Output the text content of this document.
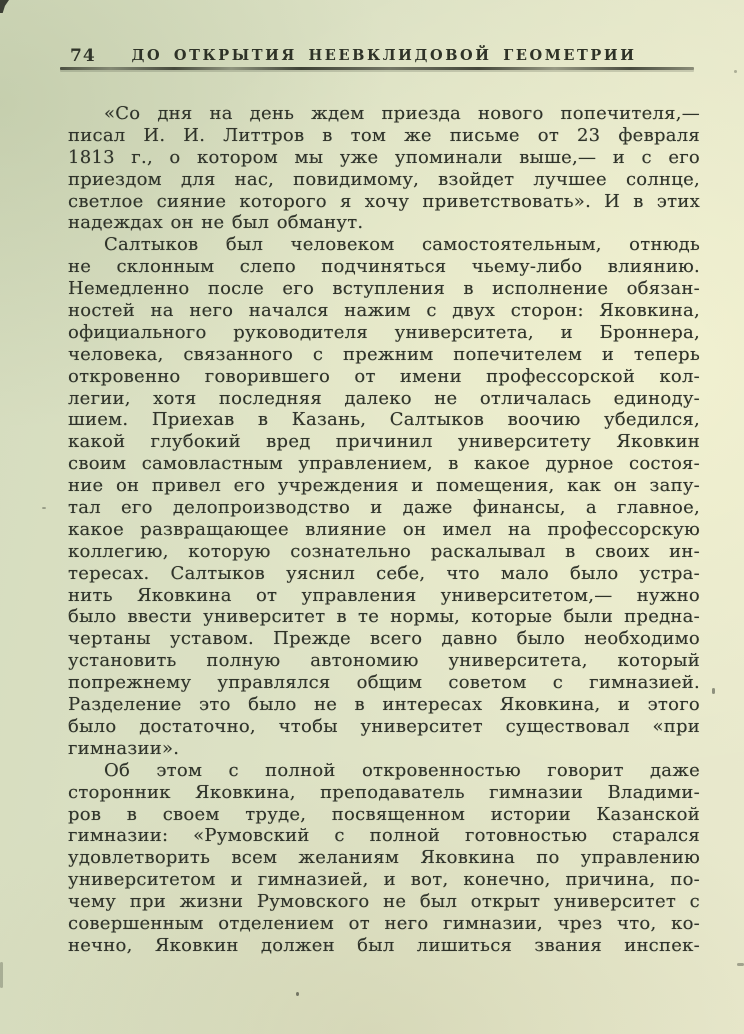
74	ДО ОТКРЫТИЯ НЕЕВКЛИДОВОЙ ГЕОМЕТРИИ
«Со дня на день ждем приезда нового попечителя,—
писал И. И. Литтров в том же письме от 23 февраля
1813 г., о котором мы уже упоминали выше,— и с его
приездом для нас, повидимому, взойдет лучшее солнце,
светлое сияние которого я хочу приветствовать». И в этих
надеждах он не был обманут.
Салтыков был человеком самостоятельным, отнюдь
не склонным слепо подчиняться чьему-либо влиянию.
Немедленно после его вступления в исполнение обязан-
ностей на него начался нажим с двух сторон: Яковкина,
официального руководителя университета, и Броннера,
человека, связанного с прежним попечителем и теперь
откровенно говорившего от имени профессорской кол-
легии, хотя последняя далеко не отличалась единоду-
шием. Приехав в Казань, Салтыков воочию убедился,
какой глубокий вред причинил университету Яковкин
своим самовластным управлением, в какое дурное состоя-
ние он привел его учреждения и помещения, как он запу-
тал его делопроизводство и даже финансы, а главное,
какое развращающее влияние он имел на профессорскую
коллегию, которую сознательно раскалывал в своих ин-
тересах. Салтыков уяснил себе, что мало было устра-
нить Яковкина от управления университетом,— нужно
было ввести университет в те нормы, которые были предна-
чертаны уставом. Прежде всего давно было необходимо
установить полную автономию университета, который
попрежнему управлялся общим советом с гимназией.
Разделение это было не в интересах Яковкина, и этого
было достаточно, чтобы университет существовал «при
гимназии».
Об этом с полной откровенностью говорит даже
сторонник Яковкина, преподаватель гимназии Владими-
ров в своем труде, посвященном истории Казанской
гимназии: «Румовский с полной готовностью старался
удовлетворить всем желаниям Яковкина по управлению
университетом и гимназией, и вот, конечно, причина, по-
чему при жизни Румовского не был открыт университет с
совершенным отделением от него гимназии, чрез что, ко-
нечно, Яковкин должен был лишиться звания инспек-
